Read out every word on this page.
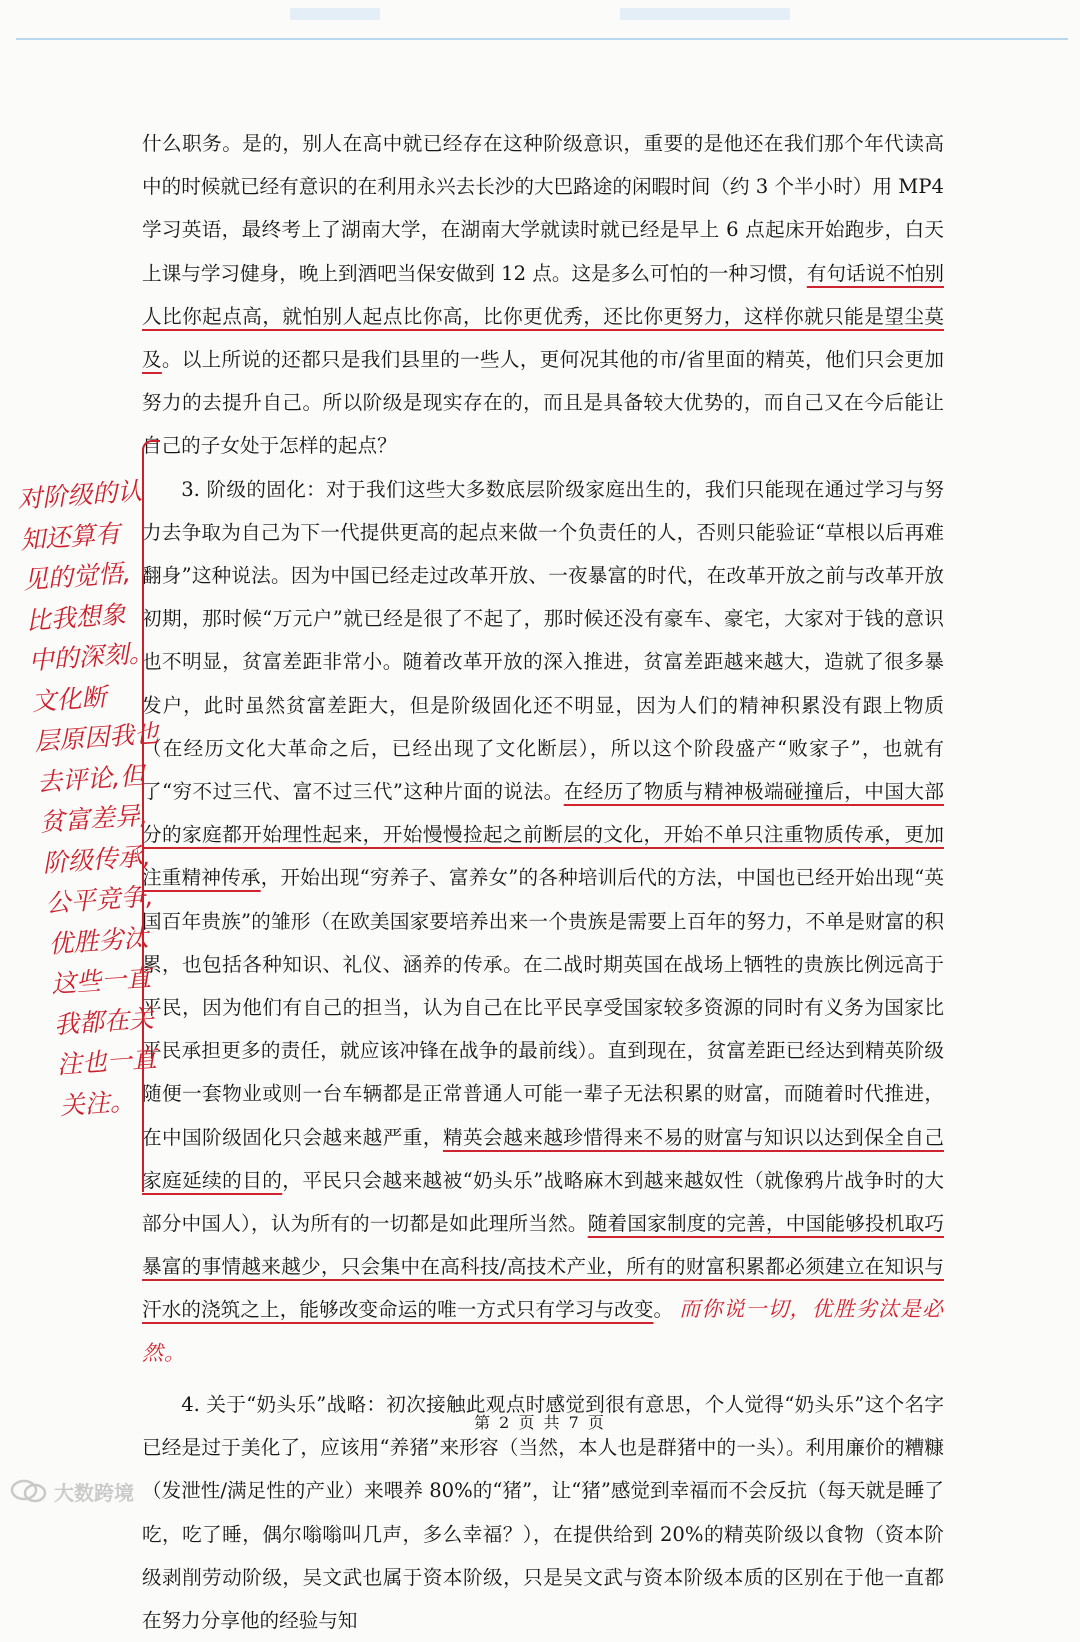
什么职务。是的，别人在高中就已经存在这种阶级意识，重要的是他还在我们那个年代读高中的时候就已经有意识的在利用永兴去长沙的大巴路途的闲暇时间（约 3 个半小时）用 MP4 学习英语，最终考上了湖南大学，在湖南大学就读时就已经是早上 6 点起床开始跑步，白天上课与学习健身，晚上到酒吧当保安做到 12 点。这是多么可怕的一种习惯，有句话说不怕别人比你起点高，就怕别人起点比你高，比你更优秀，还比你更努力，这样你就只能是望尘莫及。以上所说的还都只是我们县里的一些人，更何况其他的市/省里面的精英，他们只会更加努力的去提升自己。所以阶级是现实存在的，而且是具备较大优势的，而自己又在今后能让自己的子女处于怎样的起点？

3. 阶级的固化：对于我们这些大多数底层阶级家庭出生的，我们只能现在通过学习与努力去争取为自己为下一代提供更高的起点来做一个负责任的人，否则只能验证“草根以后再难翻身”这种说法。因为中国已经走过改革开放、一夜暴富的时代，在改革开放之前与改革开放初期，那时候“万元户”就已经是很了不起了，那时候还没有豪车、豪宅，大家对于钱的意识也不明显，贫富差距非常小。随着改革开放的深入推进，贫富差距越来越大，造就了很多暴发户，此时虽然贫富差距大，但是阶级固化还不明显，因为人们的精神积累没有跟上物质（在经历文化大革命之后，已经出现了文化断层），所以这个阶段盛产“败家子”，也就有了“穷不过三代、富不过三代”这种片面的说法。在经历了物质与精神极端碰撞后，中国大部分的家庭都开始理性起来，开始慢慢捡起之前断层的文化，开始不单只注重物质传承，更加注重精神传承，开始出现“穷养子、富养女”的各种培训后代的方法，中国也已经开始出现“英国百年贵族”的雏形（在欧美国家要培养出来一个贵族是需要上百年的努力，不单是财富的积累，也包括各种知识、礼仪、涵养的传承。在二战时期英国在战场上牺牲的贵族比例远高于平民，因为他们有自己的担当，认为自己在比平民享受国家较多资源的同时有义务为国家比平民承担更多的责任，就应该冲锋在战争的最前线）。直到现在，贫富差距已经达到精英阶级随便一套物业或则一台车辆都是正常普通人可能一辈子无法积累的财富，而随着时代推进，在中国阶级固化只会越来越严重，精英会越来越珍惜得来不易的财富与知识以达到保全自己家庭延续的目的，平民只会越来越被“奶头乐”战略麻木到越来越奴性（就像鸦片战争时的大部分中国人），认为所有的一切都是如此理所当然。随着国家制度的完善，中国能够投机取巧暴富的事情越来越少，只会集中在高科技/高技术产业，所有的财富积累都必须建立在知识与汗水的浇筑之上，能够改变命运的唯一方式只有学习与改变。 而你说一切，优胜劣汰是必然。

4. 关于“奶头乐”战略：初次接触此观点时感觉到很有意思，个人觉得“奶头乐”这个名字已经是过于美化了，应该用“养猪”来形容（当然，本人也是群猪中的一头）。利用廉价的糟糠（发泄性/满足性的产业）来喂养 80%的“猪”，让“猪”感觉到幸福而不会反抗（每天就是睡了吃，吃了睡，偶尔嗡嗡叫几声，多么幸福？），在提供给到 20%的精英阶级以食物（资本阶级剥削劳动阶级，吴文武也属于资本阶级，只是吴文武与资本阶级本质的区别在于他一直都在努力分享他的经验与知

对阶级的认
知还算有
见的觉悟,
比我想象
中的深刻。
文化断
层原因我也
去评论,但
贫富差异,
阶级传承,
公平竞争,
优胜劣汰
这些一直
我都在关
注也一直
关注。
第 2 页 共 7 页
大数跨境
